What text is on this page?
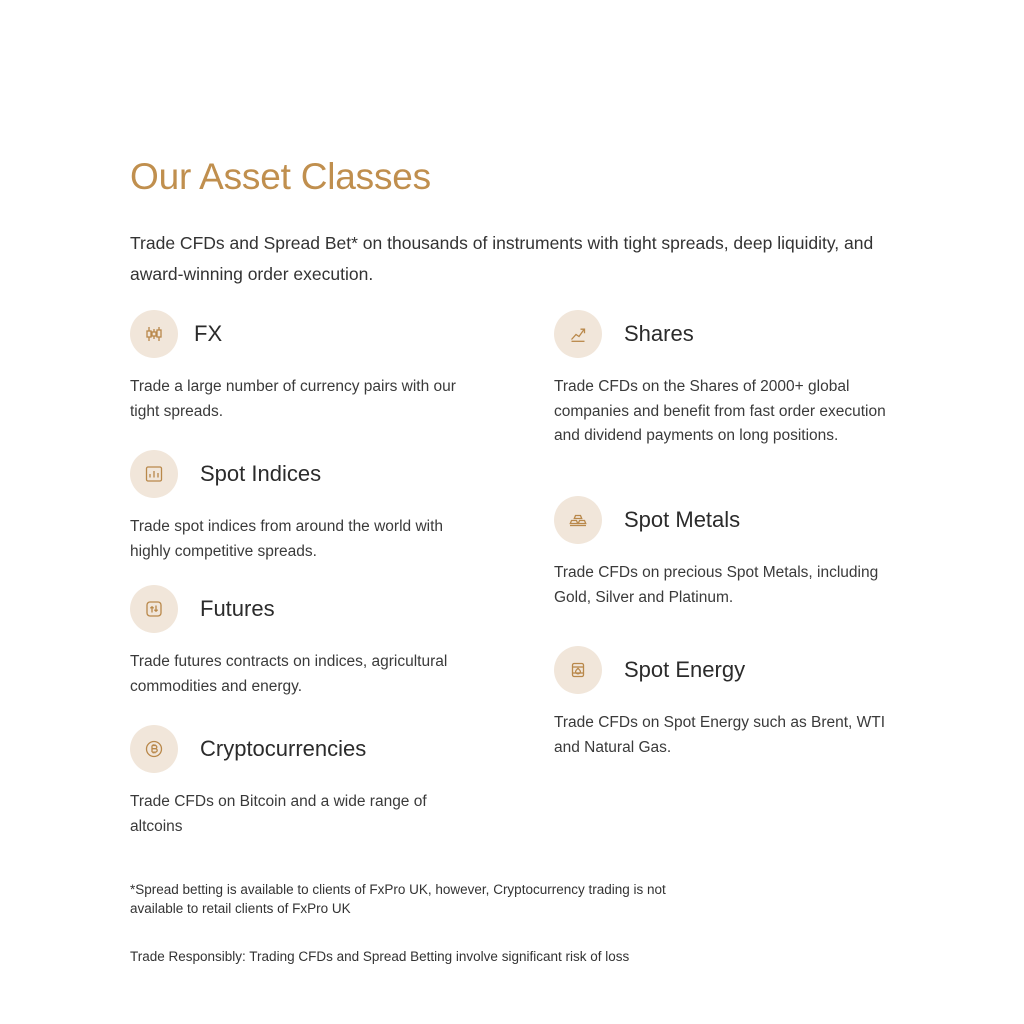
Our Asset Classes

Trade CFDs and Spread Bet* on thousands of instruments with tight spreads, deep liquidity, and award-winning order execution.

FX
Trade a large number of currency pairs with our tight spreads.
Spot Indices
Trade spot indices from around the world with highly competitive spreads.
Futures
Trade futures contracts on indices, agricultural commodities and energy.
Cryptocurrencies
Trade CFDs on Bitcoin and a wide range of altcoins
Shares
Trade CFDs on the Shares of 2000+ global companies and benefit from fast order execution and dividend payments on long positions.
Spot Metals
Trade CFDs on precious Spot Metals, including Gold, Silver and Platinum.
Spot Energy
Trade CFDs on Spot Energy such as Brent, WTI and Natural Gas.
*Spread betting is available to clients of FxPro UK, however, Cryptocurrency trading is not available to retail clients of FxPro UK
Trade Responsibly: Trading CFDs and Spread Betting involve significant risk of loss
